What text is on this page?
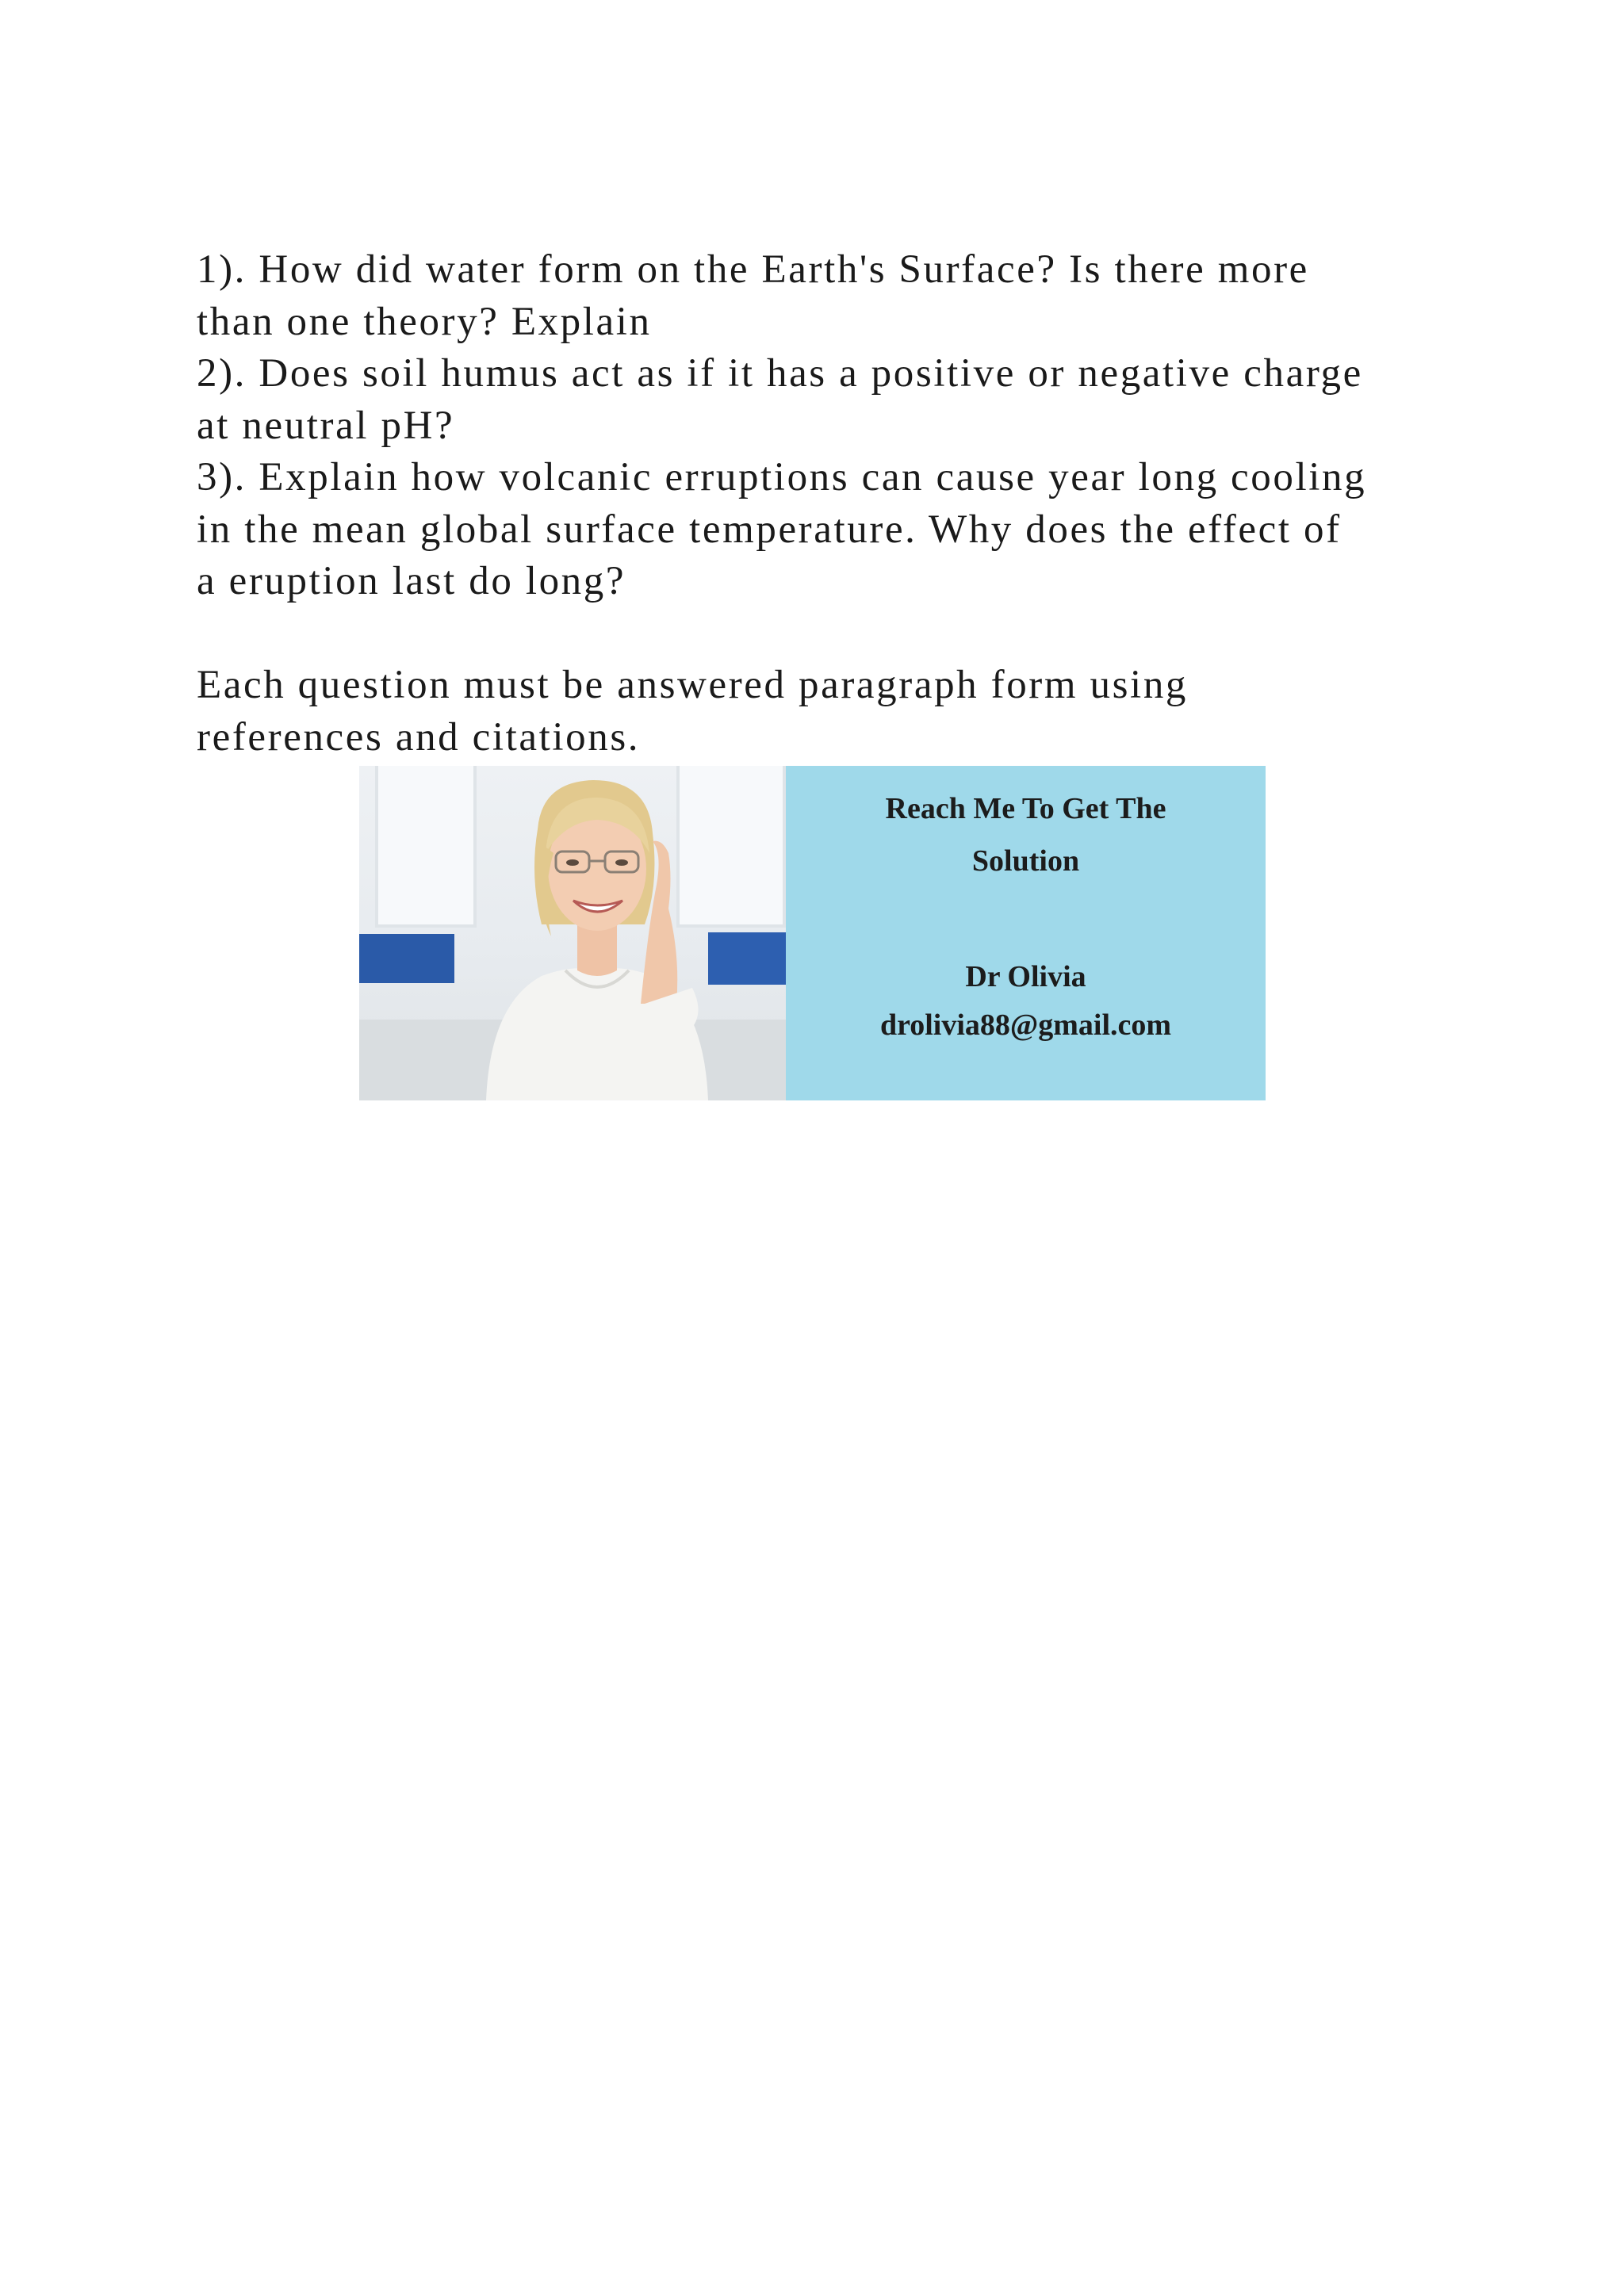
1). How did water form on the Earth's Surface? Is there more
than one theory? Explain
2). Does soil humus act as if it has a positive or negative charge
at neutral pH?
3). Explain how volcanic erruptions can cause year long cooling
in the mean global surface temperature. Why does the effect of
a eruption last do long?
Each question must be answered paragraph form using
references and citations.
Reach Me To Get The
Solution
Dr Olivia
drolivia88@gmail.com
